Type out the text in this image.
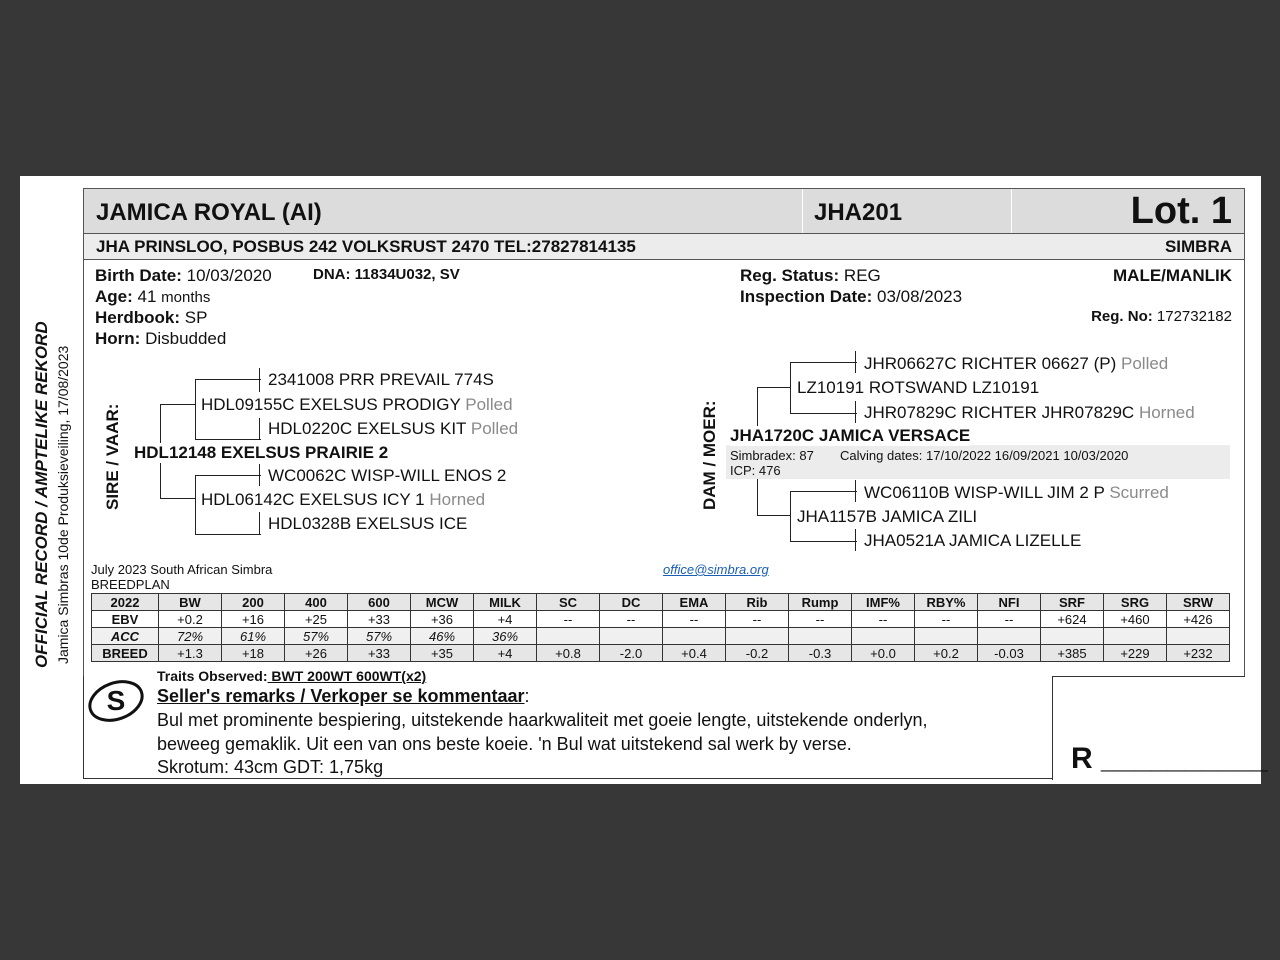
OFFICIAL RECORD / AMPTELIKE REKORD Jamica Simbras 10de Produksieveiling, 17/08/2023
JAMICA ROYAL (AI)	JHA201	Lot. 1
JHA PRINSLOO, POSBUS 242 VOLKSRUST 2470 TEL:27827814135	SIMBRA
Birth Date: 10/03/2020	DNA: 11834U032, SV
Age: 41 months
Herdbook: SP
Horn: Disbudded
Reg. Status: REG
Inspection Date: 03/08/2023
MALE/MANLIK
Reg. No: 172732182
SIRE / VAAR:
2341008 PRR PREVAIL 774S
HDL09155C EXELSUS PRODIGY Polled
HDL0220C EXELSUS KIT Polled
HDL12148 EXELSUS PRAIRIE 2
WC0062C WISP-WILL ENOS 2
HDL06142C EXELSUS ICY 1 Horned
HDL0328B EXELSUS ICE
DAM / MOER:
JHR06627C RICHTER 06627 (P) Polled
LZ10191 ROTSWAND LZ10191
JHR07829C RICHTER JHR07829C Horned
JHA1720C JAMICA VERSACE
Simbradex: 87 Calving dates: 17/10/2022 16/09/2021 10/03/2020
ICP: 476
WC06110B WISP-WILL JIM 2 P Scurred
JHA1157B JAMICA ZILI
JHA0521A JAMICA LIZELLE
July 2023 South African Simbra
BREEDPLAN
office@simbra.org
2022	BW	200	400	600	MCW	MILK	SC	DC	EMA	Rib	Rump	IMF%	RBY%	NFI	SRF	SRG	SRW
EBV	+0.2	+16	+25	+33	+36	+4	--	--	--	--	--	--	--	--	+624	+460	+426
ACC	72%	61%	57%	57%	46%	36%											
BREED	+1.3	+18	+26	+33	+35	+4	+0.8	-2.0	+0.4	-0.2	-0.3	+0.0	+0.2	-0.03	+385	+229	+232
S
Traits Observed: BWT 200WT 600WT(x2)
Seller's remarks / Verkoper se kommentaar:
Bul met prominente bespiering, uitstekende haarkwaliteit met goeie lengte, uitstekende onderlyn,
beweeg gemaklik. Uit een van ons beste koeie. 'n Bul wat uitstekend sal werk by verse.
Skrotum: 43cm GDT: 1,75kg	R __________
